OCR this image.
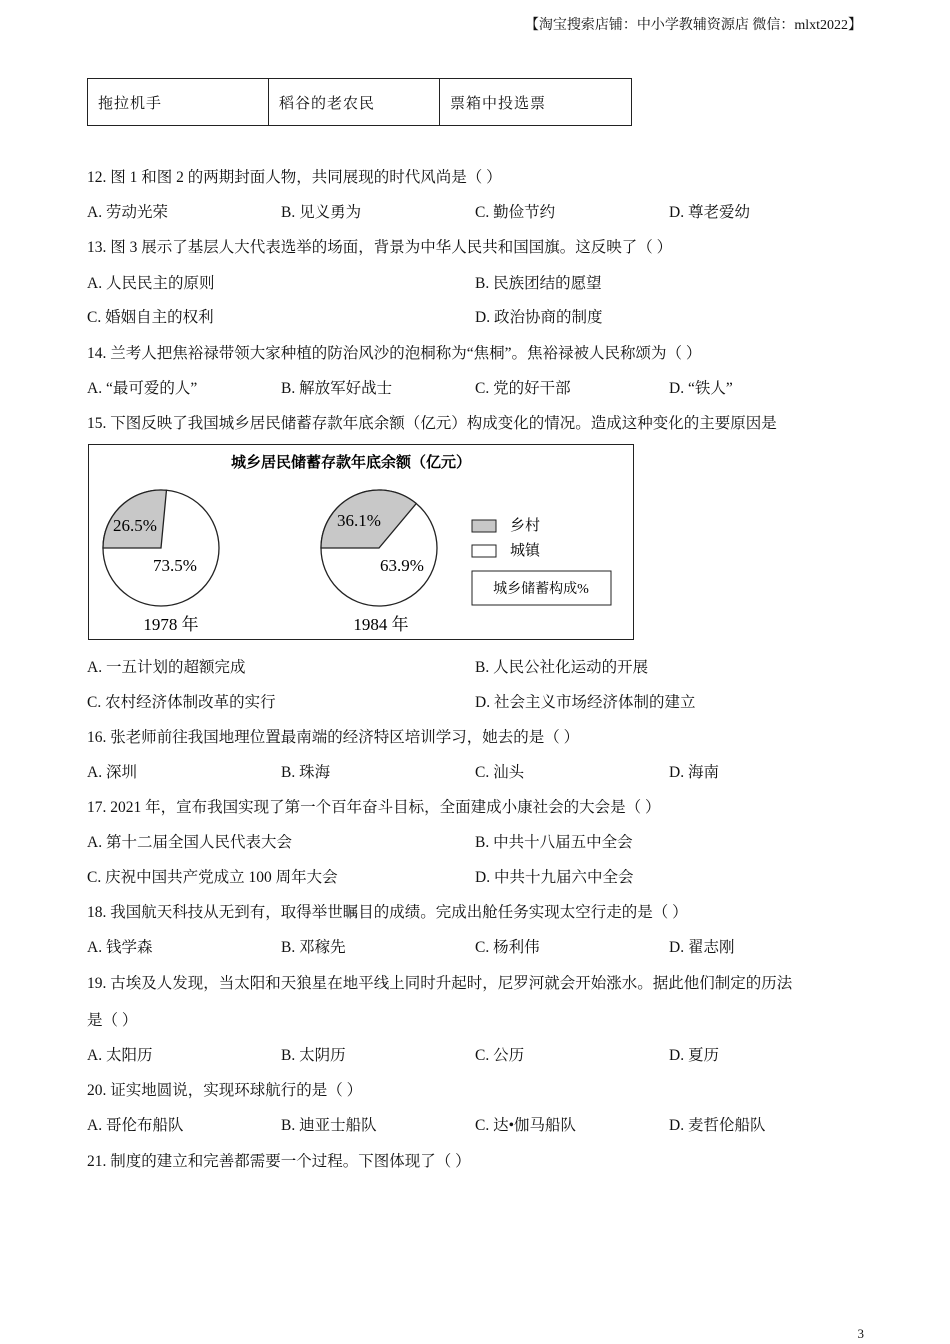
【淘宝搜索店铺：中小学教辅资源店 微信：mlxt2022】
拖拉机手	稻谷的老农民	票箱中投选票
12. 图 1 和图 2 的两期封面人物，共同展现的时代风尚是（ ）
A. 劳动光荣	B. 见义勇为	C. 勤俭节约	D. 尊老爱幼
13. 图 3 展示了基层人大代表选举的场面，背景为中华人民共和国国旗。这反映了（ ）
A. 人民民主的原则	B. 民族团结的愿望
C. 婚姻自主的权利	D. 政治协商的制度
14. 兰考人把焦裕禄带领大家种植的防治风沙的泡桐称为“焦桐”。焦裕禄被人民称颂为（ ）
A. “最可爱的人”	B. 解放军好战士	C. 党的好干部	D. “铁人”
15. 下图反映了我国城乡居民储蓄存款年底余额（亿元）构成变化的情况。造成这种变化的主要原因是
城乡居民储蓄存款年底余额（亿元）
26.5%
73.5%
1978 年
36.1%
63.9%
1984 年
乡村
城镇
城乡储蓄构成%
A. 一五计划的超额完成	B. 人民公社化运动的开展
C. 农村经济体制改革的实行	D. 社会主义市场经济体制的建立
16. 张老师前往我国地理位置最南端的经济特区培训学习，她去的是（ ）
A. 深圳	B. 珠海	C. 汕头	D. 海南
17. 2021 年，宣布我国实现了第一个百年奋斗目标，全面建成小康社会的大会是（ ）
A. 第十二届全国人民代表大会	B. 中共十八届五中全会
C. 庆祝中国共产党成立 100 周年大会	D. 中共十九届六中全会
18. 我国航天科技从无到有，取得举世瞩目的成绩。完成出舱任务实现太空行走的是（ ）
A. 钱学森	B. 邓稼先	C. 杨利伟	D. 翟志刚
19. 古埃及人发现，当太阳和天狼星在地平线上同时升起时，尼罗河就会开始涨水。据此他们制定的历法
是（ ）
A. 太阳历	B. 太阴历	C. 公历	D. 夏历
20. 证实地圆说，实现环球航行的是（ ）
A. 哥伦布船队	B. 迪亚士船队	C. 达•伽马船队	D. 麦哲伦船队
21. 制度的建立和完善都需要一个过程。下图体现了（ ）
3
